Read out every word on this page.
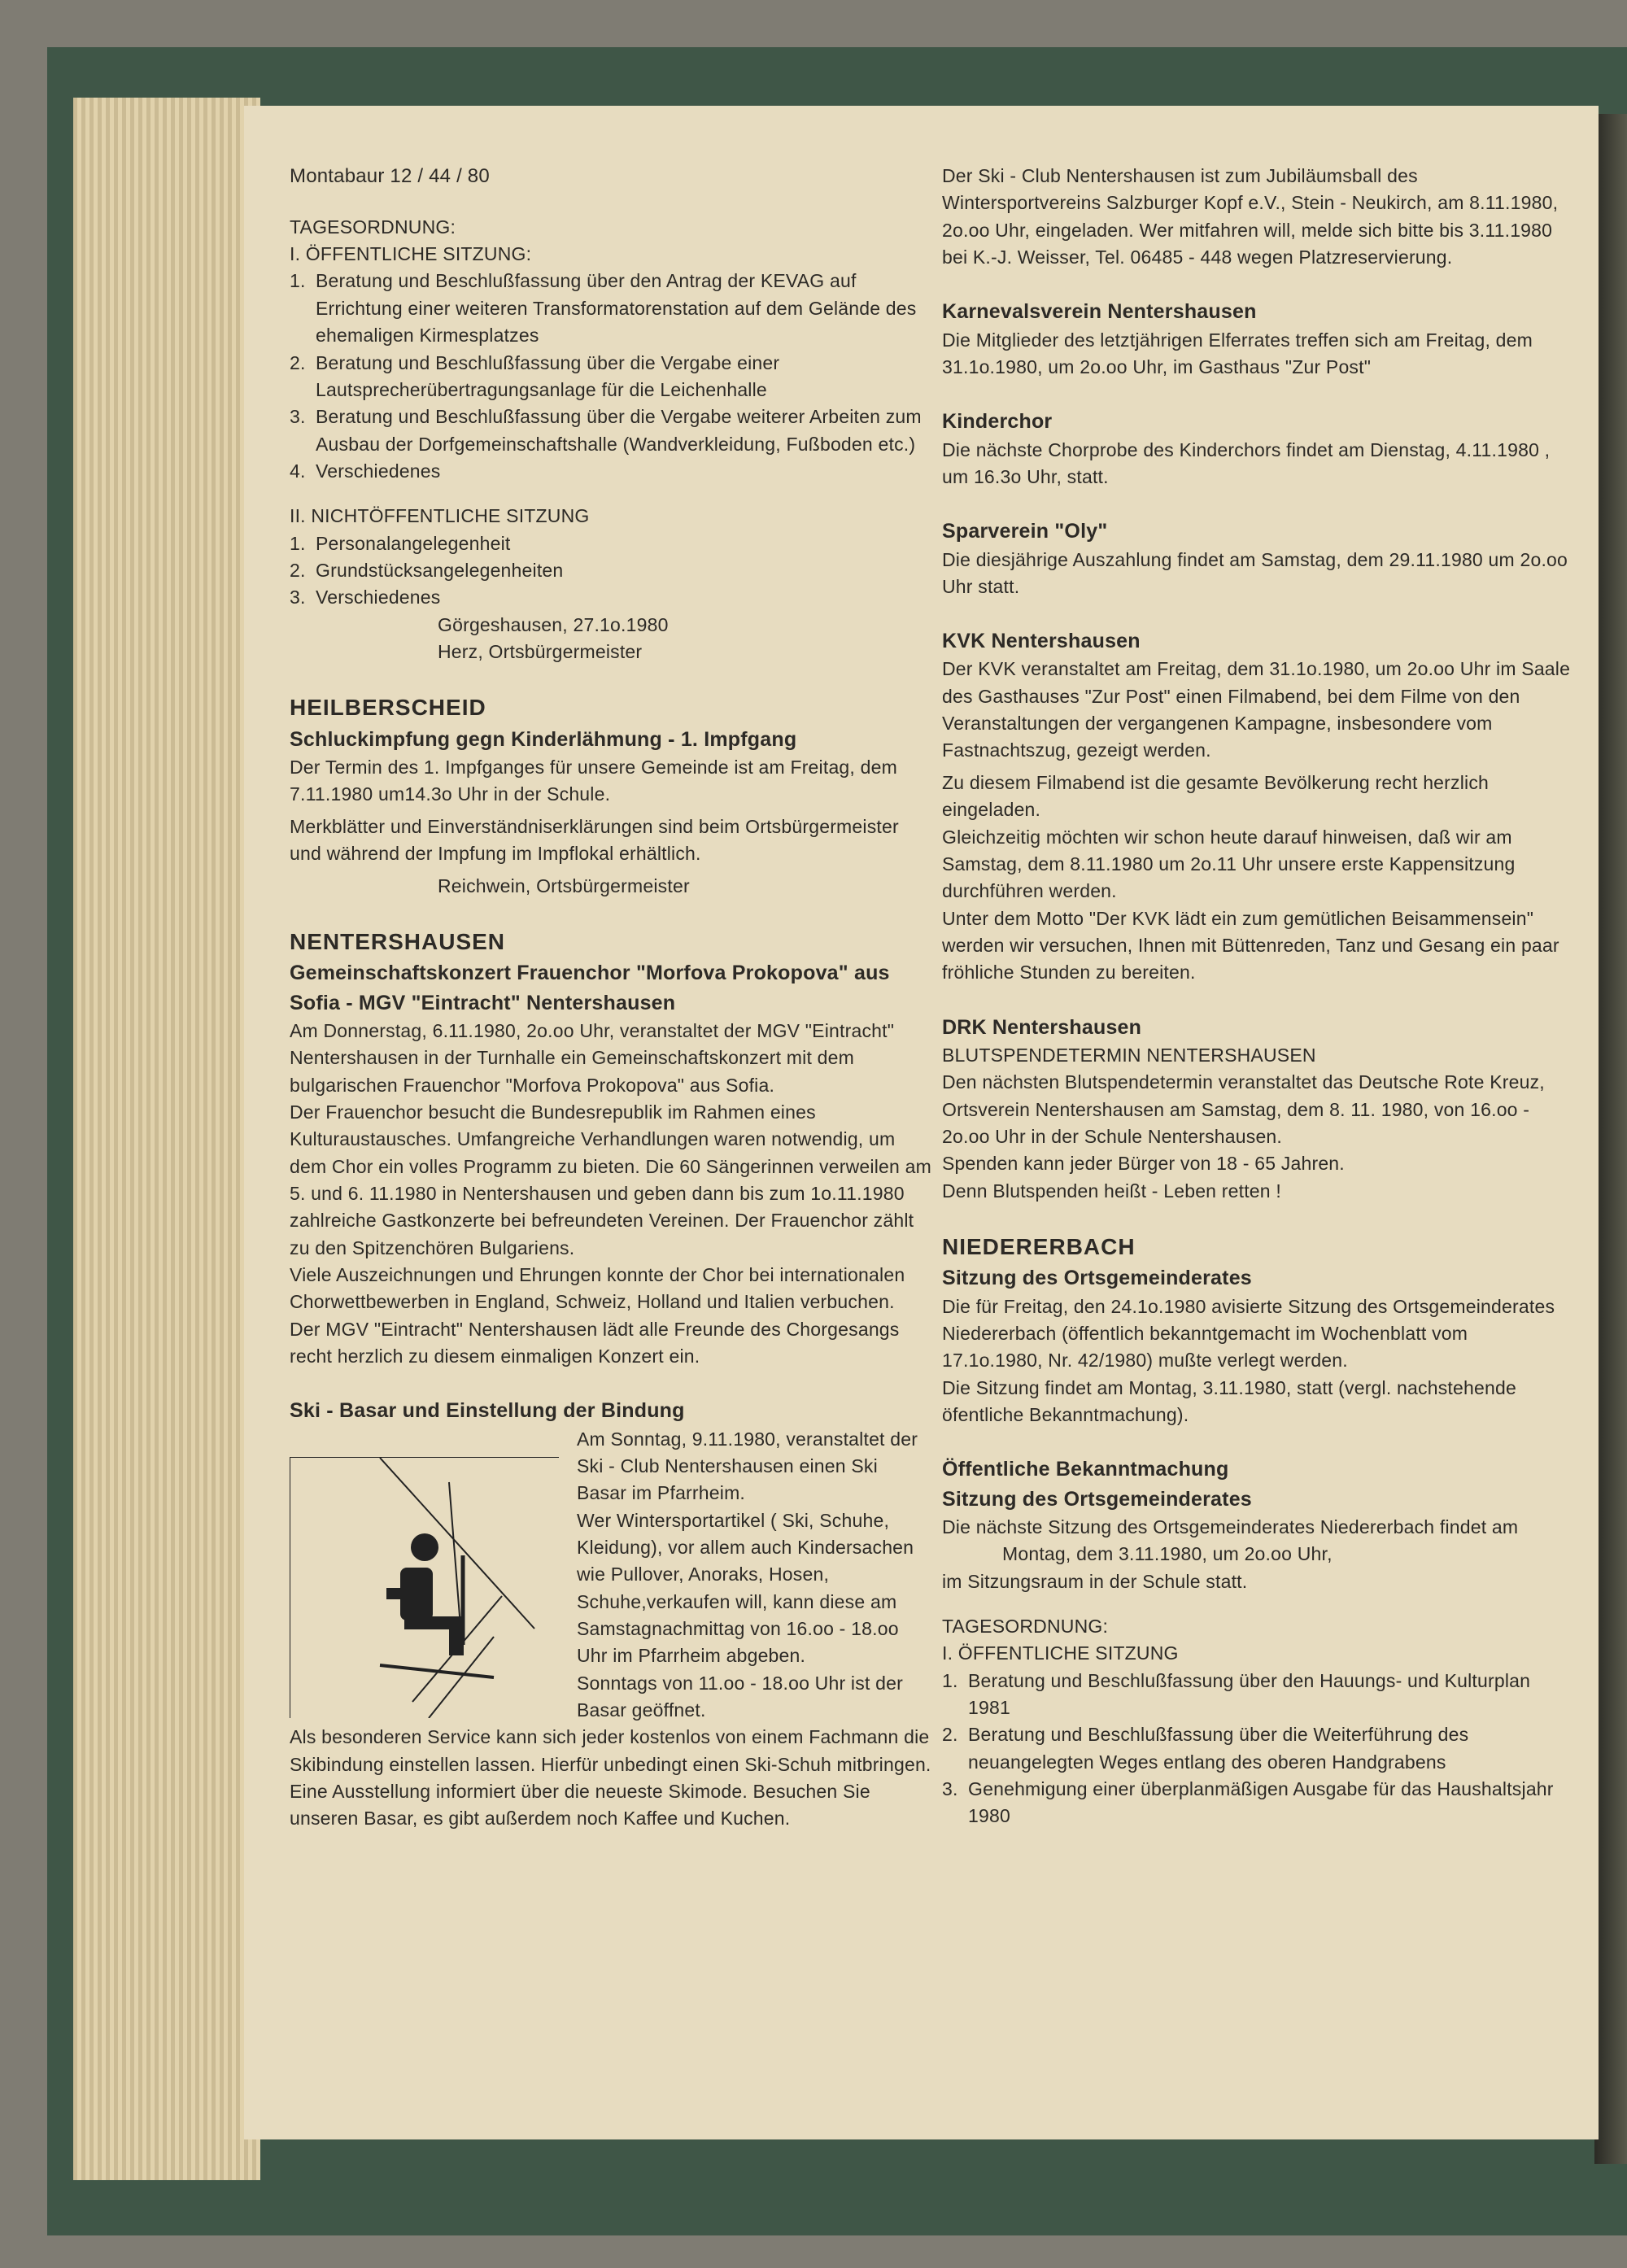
Montabaur 12 / 44 / 80
TAGESORDNUNG:
I. ÖFFENTLICHE SITZUNG:
1. Beratung und Beschlußfassung über den Antrag der KEVAG auf Errichtung einer weiteren Transformatorenstation auf dem Gelände des ehemaligen Kirmesplatzes
2. Beratung und Beschlußfassung über die Vergabe einer Lautsprecherübertragungsanlage für die Leichenhalle
3. Beratung und Beschlußfassung über die Vergabe weiterer Arbeiten zum Ausbau der Dorfgemeinschaftshalle (Wandverkleidung, Fußboden etc.)
4. Verschiedenes
II. NICHTÖFFENTLICHE SITZUNG
1. Personalangelegenheit
2. Grundstücksangelegenheiten
3. Verschiedenes
Görgeshausen, 27.1o.1980
Herz, Ortsbürgermeister
HEILBERSCHEID
Schluckimpfung gegn Kinderlähmung - 1. Impfgang
Der Termin des 1. Impfganges für unsere Gemeinde ist am Freitag, dem 7.11.1980 um14.3o Uhr in der Schule.
Merkblätter und Einverständniserklärungen sind beim Ortsbürgermeister und während der Impfung im Impflokal erhältlich.
Reichwein, Ortsbürgermeister
NENTERSHAUSEN
Gemeinschaftskonzert Frauenchor "Morfova Prokopova" aus Sofia - MGV "Eintracht" Nentershausen
Am Donnerstag, 6.11.1980, 2o.oo Uhr, veranstaltet der MGV "Eintracht" Nentershausen in der Turnhalle ein Gemeinschaftskonzert mit dem bulgarischen Frauenchor "Morfova Prokopova" aus Sofia.
Der Frauenchor besucht die Bundesrepublik im Rahmen eines Kulturaustausches. Umfangreiche Verhandlungen waren notwendig, um dem Chor ein volles Programm zu bieten. Die 60 Sängerinnen verweilen am 5. und 6. 11.1980 in Nentershausen und geben dann bis zum 1o.11.1980 zahlreiche Gastkonzerte bei befreundeten Vereinen. Der Frauenchor zählt zu den Spitzenchören Bulgariens.
Viele Auszeichnungen und Ehrungen konnte der Chor bei internationalen Chorwettbewerben in England, Schweiz, Holland und Italien verbuchen.
Der MGV "Eintracht" Nentershausen lädt alle Freunde des Chorgesangs recht herzlich zu diesem einmaligen Konzert ein.
Ski - Basar und Einstellung der Bindung
Am Sonntag, 9.11.1980, veranstaltet der Ski - Club Nentershausen einen Ski Basar im Pfarrheim.
Wer Wintersportartikel ( Ski, Schuhe, Kleidung), vor allem auch Kindersachen wie Pullover, Anoraks, Hosen, Schuhe,verkaufen will, kann diese am Samstagnachmittag von 16.oo - 18.oo Uhr im Pfarrheim abgeben.
Sonntags von 11.oo - 18.oo Uhr ist der Basar geöffnet.
Als besonderen Service kann sich jeder kostenlos von einem Fachmann die Skibindung einstellen lassen. Hierfür unbedingt einen Ski-Schuh mitbringen.
Eine Ausstellung informiert über die neueste Skimode. Besuchen Sie unseren Basar, es gibt außerdem noch Kaffee und Kuchen.
Der Ski - Club Nentershausen ist zum Jubiläumsball des Wintersportvereins Salzburger Kopf e.V., Stein - Neukirch, am 8.11.1980, 2o.oo Uhr, eingeladen. Wer mitfahren will, melde sich bitte bis 3.11.1980 bei K.-J. Weisser, Tel. 06485 - 448 wegen Platzreservierung.
Karnevalsverein Nentershausen
Die Mitglieder des letztjährigen Elferrates treffen sich am Freitag, dem 31.1o.1980, um 2o.oo Uhr, im Gasthaus "Zur Post"
Kinderchor
Die nächste Chorprobe des Kinderchors findet am Dienstag, 4.11.1980 , um 16.3o Uhr, statt.
Sparverein "Oly"
Die diesjährige Auszahlung findet am Samstag, dem 29.11.1980 um 2o.oo Uhr statt.
KVK Nentershausen
Der KVK veranstaltet am Freitag, dem 31.1o.1980, um 2o.oo Uhr im Saale des Gasthauses "Zur Post" einen Filmabend, bei dem Filme von den Veranstaltungen der vergangenen Kampagne, insbesondere vom Fastnachtszug, gezeigt werden.
Zu diesem Filmabend ist die gesamte Bevölkerung recht herzlich eingeladen.
Gleichzeitig möchten wir schon heute darauf hinweisen, daß wir am Samstag, dem 8.11.1980 um 2o.11 Uhr unsere erste Kappensitzung durchführen werden.
Unter dem Motto "Der KVK lädt ein zum gemütlichen Beisammensein" werden wir versuchen, Ihnen mit Büttenreden, Tanz und Gesang ein paar fröhliche Stunden zu bereiten.
DRK Nentershausen
BLUTSPENDETERMIN NENTERSHAUSEN
Den nächsten Blutspendetermin veranstaltet das Deutsche Rote Kreuz, Ortsverein Nentershausen am Samstag, dem 8. 11. 1980, von 16.oo - 2o.oo Uhr in der Schule Nentershausen.
Spenden kann jeder Bürger von 18 - 65 Jahren.
Denn Blutspenden heißt - Leben retten !
NIEDERERBACH
Sitzung des Ortsgemeinderates
Die für Freitag, den 24.1o.1980 avisierte Sitzung des Ortsgemeinderates Niedererbach (öffentlich bekanntgemacht im Wochenblatt vom 17.1o.1980, Nr. 42/1980) mußte verlegt werden.
Die Sitzung findet am Montag, 3.11.1980, statt (vergl. nachstehende öfentliche Bekanntmachung).
Öffentliche Bekanntmachung
Sitzung des Ortsgemeinderates
Die nächste Sitzung des Ortsgemeinderates Niedererbach findet am
Montag, dem 3.11.1980, um 2o.oo Uhr,
im Sitzungsraum in der Schule statt.
TAGESORDNUNG:
I. ÖFFENTLICHE SITZUNG
1. Beratung und Beschlußfassung über den Hauungs- und Kulturplan 1981
2. Beratung und Beschlußfassung über die Weiterführung des neuangelegten Weges entlang des oberen Handgrabens
3. Genehmigung einer überplanmäßigen Ausgabe für das Haushaltsjahr 1980
